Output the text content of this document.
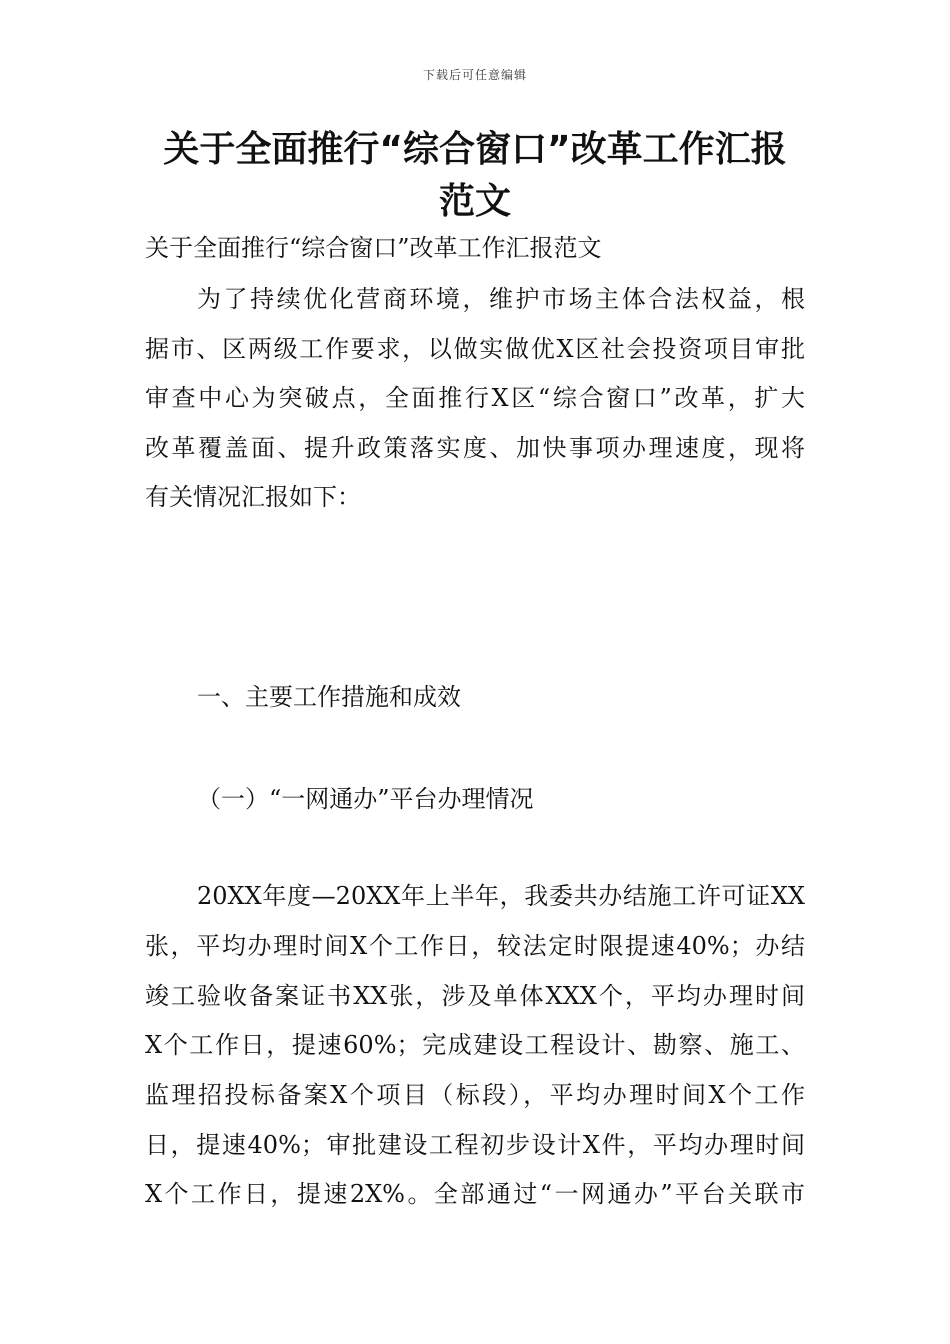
下载后可任意编辑
关于全面推行“综合窗口”改革工作汇报
范文
关于全面推行“综合窗口”改革工作汇报范文
为了持续优化营商环境，维护市场主体合法权益，根
据市、区两级工作要求，以做实做优X区社会投资项目审批
审查中心为突破点，全面推行X区“综合窗口”改革，扩大
改革覆盖面、提升政策落实度、加快事项办理速度，现将
有关情况汇报如下：
一、主要工作措施和成效
（一）“一网通办”平台办理情况
20XX年度—20XX年上半年，我委共办结施工许可证XX
张，平均办理时间X个工作日，较法定时限提速40%；办结
竣工验收备案证书XX张，涉及单体XXX个，平均办理时间
X个工作日，提速60%；完成建设工程设计、勘察、施工、
监理招投标备案X个项目（标段），平均办理时间X个工作
日，提速40%；审批建设工程初步设计X件，平均办理时间
X个工作日，提速2X%。全部通过“一网通办”平台关联市
